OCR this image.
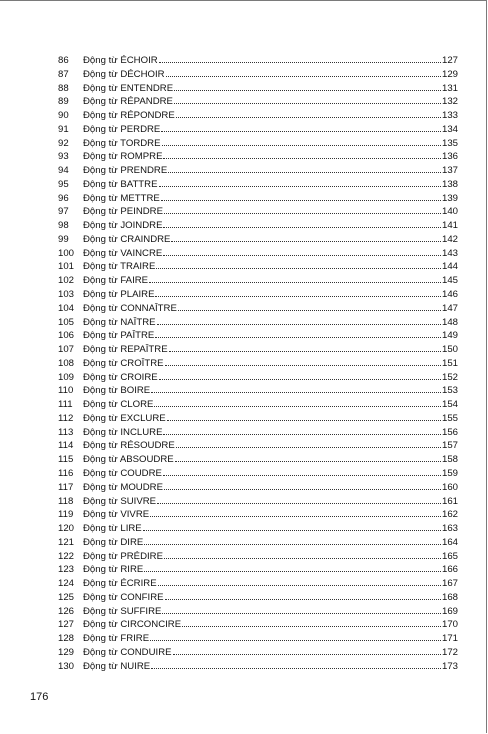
86	Động từ ÉCHOIR	127
87	Động từ DÉCHOIR	129
88	Động từ ENTENDRE	131
89	Động từ RÉPANDRE	132
90	Động từ RÉPONDRE	133
91	Động từ PERDRE	134
92	Động từ TORDRE	135
93	Động từ ROMPRE	136
94	Động từ PRENDRE	137
95	Động từ BATTRE	138
96	Động từ METTRE	139
97	Động từ PEINDRE	140
98	Động từ JOINDRE	141
99	Động từ CRAINDRE	142
100 Động từ VAINCRE	143
101 Động từ TRAIRE	144
102 Động từ FAIRE	145
103 Động từ PLAIRE	146
104 Động từ CONNAÎTRE	147
105 Động từ NAÎTRE	148
106 Động từ PAÎTRE	149
107 Động từ REPAÎTRE	150
108 Động từ CROÎTRE	151
109 Động từ CROIRE	152
110	Động từ BOIRE	153
111	Động từ CLORE	154
112	Động từ EXCLURE	155
113	Động từ INCLURE	156
114	Động từ RÉSOUDRE	157
115	Động từ ABSOUDRE	158
116	Động từ COUDRE	159
117	Động từ MOUDRE	160
118	Động từ SUIVRE	161
119	Động từ VIVRE	162
120 Động từ LIRE	163
121 Động từ DIRE	164
122 Động từ PRÉDIRE	165
123 Động từ RIRE	166
124 Động từ ÉCRIRE	167
125 Động từ CONFIRE	168
126 Động từ SUFFIRE	169
127 Động từ CIRCONCIRE	170
128 Động từ FRIRE	171
129 Động từ CONDUIRE	172
130 Động từ NUIRE	173
176
